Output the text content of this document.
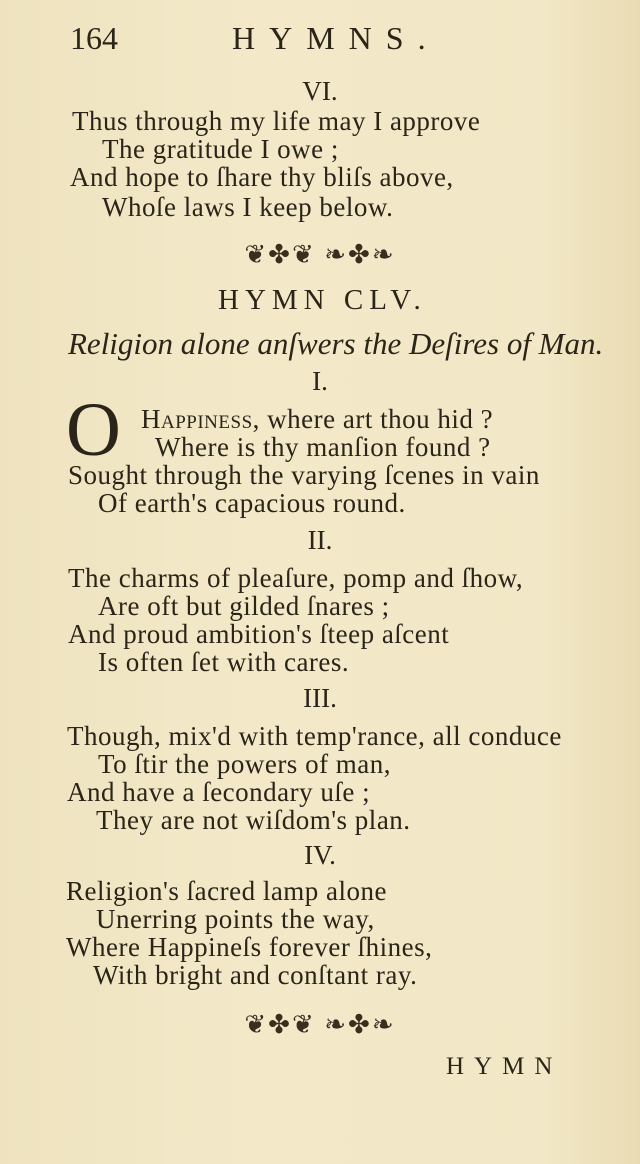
164	HYMNS.
VI.
Thus through my life may I approve
The gratitude I owe ;
And hope to ſhare thy bliſs above,
Whoſe laws I keep below.
❦✤❦ ❧✤❧
HYMN CLV.
Religion alone anſwers the Deſires of Man.
I.
O Happiness, where art thou hid ?
Where is thy manſion found ?
Sought through the varying ſcenes in vain
Of earth's capacious round.
II.
The charms of pleaſure, pomp and ſhow,
Are oft but gilded ſnares ;
And proud ambition's ſteep aſcent
Is often ſet with cares.
III.
Though, mix'd with temp'rance, all conduce
To ſtir the powers of man,
And have a ſecondary uſe ;
They are not wiſdom's plan.
IV.
Religion's ſacred lamp alone
Unerring points the way,
Where Happineſs forever ſhines,
With bright and conſtant ray.
❦✤❦ ❧✤❧
HYMN
